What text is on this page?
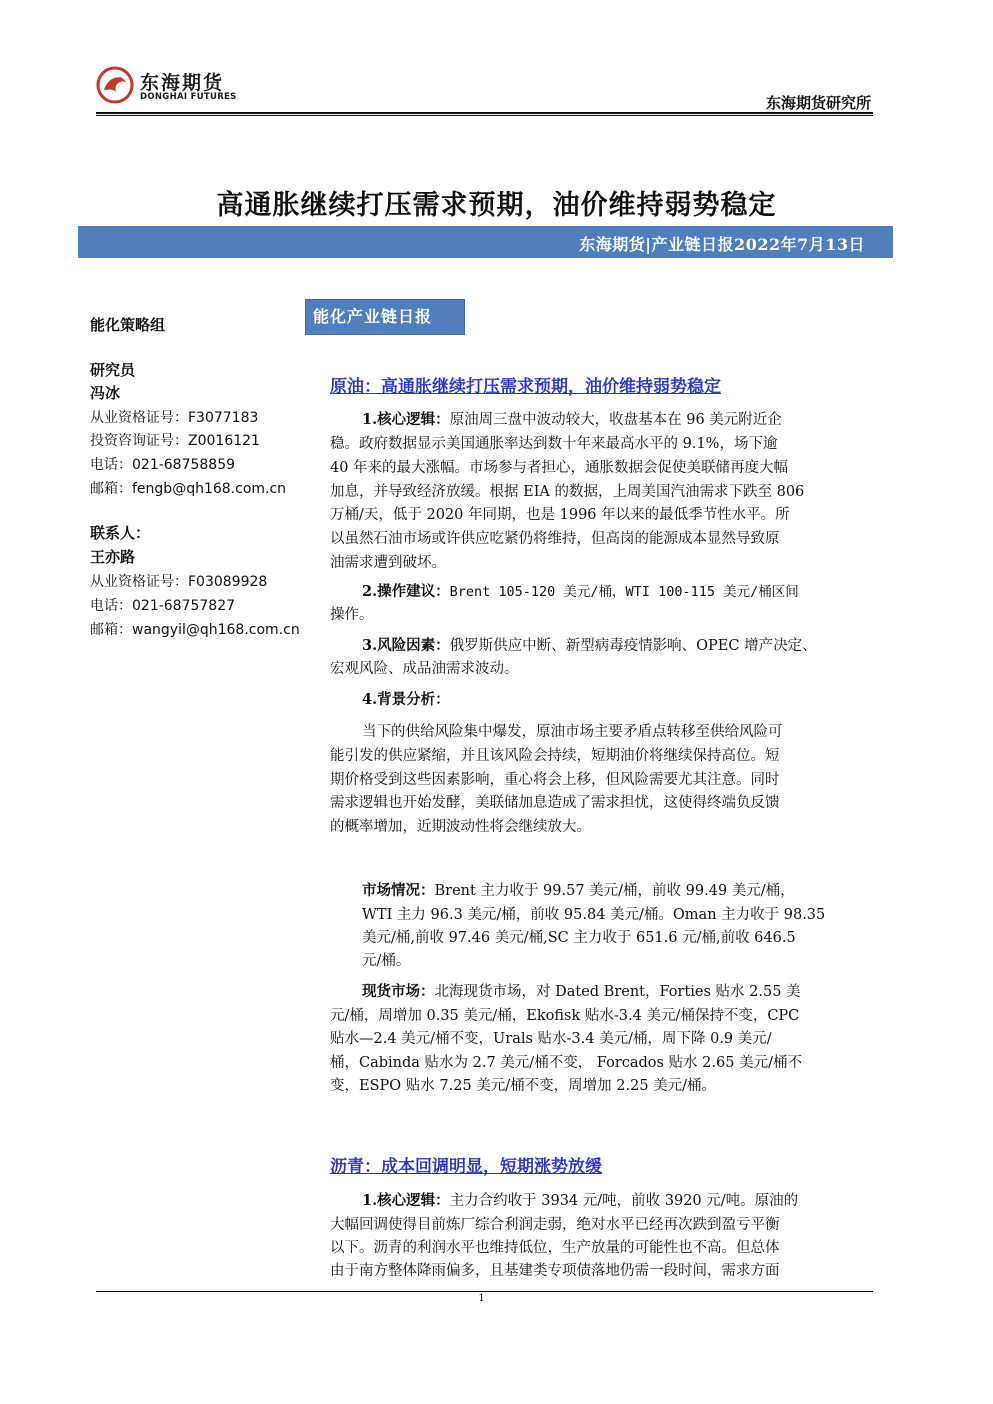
东海期货
DONGHAI FUTURES	东海期货研究所
高通胀继续打压需求预期，油价维持弱势稳定
东海期货|产业链日报2022年7月13日
能化策略组
研究员
冯冰
从业资格证号：F3077183
投资咨询证号：Z0016121
电话：021-68758859
邮箱：fengb@qh168.com.cn
联系人：
王亦路
从业资格证号：F03089928
电话：021-68757827
邮箱：wangyil@qh168.com.cn
能化产业链日报
原油：高通胀继续打压需求预期，油价维持弱势稳定
1.核心逻辑：原油周三盘中波动较大，收盘基本在 96 美元附近企
稳。政府数据显示美国通胀率达到数十年来最高水平的 9.1%，场下逾
40 年来的最大涨幅。市场参与者担心，通胀数据会促使美联储再度大幅
加息，并导致经济放缓。根据 EIA 的数据，上周美国汽油需求下跌至 806
万桶/天，低于 2020 年同期，也是 1996 年以来的最低季节性水平。所
以虽然石油市场或许供应吃紧仍将维持，但高岗的能源成本显然导致原
油需求遭到破坏。
2.操作建议：Brent 105-120 美元/桶，WTI 100-115 美元/桶区间
操作。
3.风险因素：俄罗斯供应中断、新型病毒疫情影响、OPEC 增产决定、
宏观风险、成品油需求波动。
4.背景分析：
当下的供给风险集中爆发，原油市场主要矛盾点转移至供给风险可
能引发的供应紧缩，并且该风险会持续，短期油价将继续保持高位。短
期价格受到这些因素影响，重心将会上移，但风险需要尤其注意。同时
需求逻辑也开始发酵，美联储加息造成了需求担忧，这使得终端负反馈
的概率增加，近期波动性将会继续放大。
市场情况：Brent 主力收于 99.57 美元/桶，前收 99.49 美元/桶，
WTI 主力 96.3 美元/桶，前收 95.84 美元/桶。Oman 主力收于 98.35
美元/桶,前收 97.46 美元/桶,SC 主力收于 651.6 元/桶,前收 646.5
元/桶。
现货市场：北海现货市场，对 Dated Brent，Forties 贴水 2.55 美
元/桶，周增加 0.35 美元/桶，Ekofisk 贴水-3.4 美元/桶保持不变，CPC
贴水—2.4 美元/桶不变，Urals 贴水-3.4 美元/桶，周下降 0.9 美元/
桶，Cabinda 贴水为 2.7 美元/桶不变， Forcados 贴水 2.65 美元/桶不
变，ESPO 贴水 7.25 美元/桶不变，周增加 2.25 美元/桶。
沥青：成本回调明显，短期涨势放缓
1.核心逻辑：主力合约收于 3934 元/吨，前收 3920 元/吨。原油的
大幅回调使得目前炼厂综合利润走弱，绝对水平已经再次跌到盈亏平衡
以下。沥青的利润水平也维持低位，生产放量的可能性也不高。但总体
由于南方整体降雨偏多，且基建类专项债落地仍需一段时间，需求方面
1
